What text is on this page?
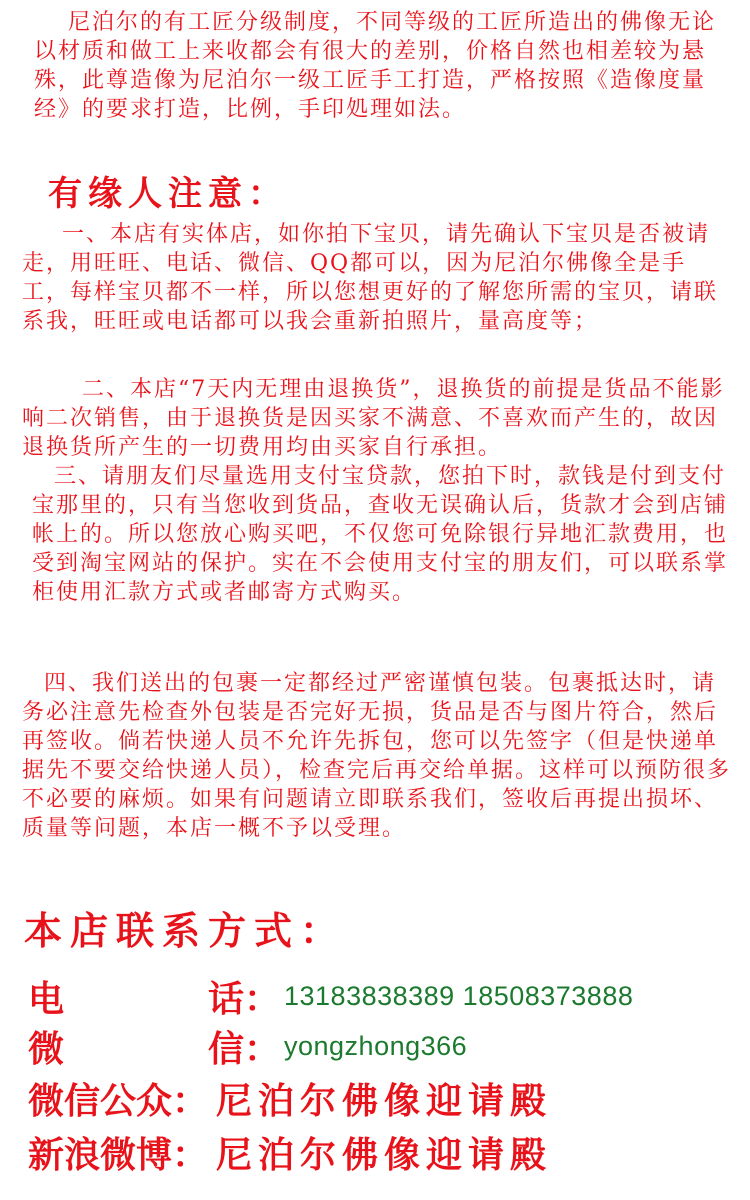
尼泊尔的有工匠分级制度，不同等级的工匠所造出的佛像无论以材质和做工上来收都会有很大的差别，价格自然也相差较为悬殊，此尊造像为尼泊尔一级工匠手工打造，严格按照《造像度量经》的要求打造，比例，手印処理如法。
有缘人注意：
一、本店有实体店，如你拍下宝贝，请先确认下宝贝是否被请走，用旺旺、电话、微信、QQ都可以，因为尼泊尔佛像全是手工，每样宝贝都不一样，所以您想更好的了解您所需的宝贝，请联系我，旺旺或电话都可以我会重新拍照片，量高度等；
二、本店“7天内无理由退换货”，退换货的前提是货品不能影响二次销售，由于退换货是因买家不满意、不喜欢而产生的，故因退换货所产生的一切费用均由买家自行承担。
三、请朋友们尽量选用支付宝贷款，您拍下时，款钱是付到支付宝那里的，只有当您收到货品，查收无误确认后，货款才会到店铺帐上的。所以您放心购买吧，不仅您可免除银行异地汇款费用，也受到淘宝网站的保护。实在不会使用支付宝的朋友们，可以联系掌柜使用汇款方式或者邮寄方式购买。
四、我们送出的包裹一定都经过严密谨慎包装。包裹抵达时，请务必注意先检查外包装是否完好无损，货品是否与图片符合，然后再签收。倘若快递人员不允许先拆包，您可以先签字（但是快递单据先不要交给快递人员），检查完后再交给单据。这样可以预防很多不必要的麻烦。如果有问题请立即联系我们，签收后再提出损坏、质量等问题，本店一概不予以受理。
本店联系方式：
电	话： 13183838389 18508373888
微	信： yongzhong366
微信公众： 尼泊尔佛像迎请殿
新浪微博： 尼泊尔佛像迎请殿
